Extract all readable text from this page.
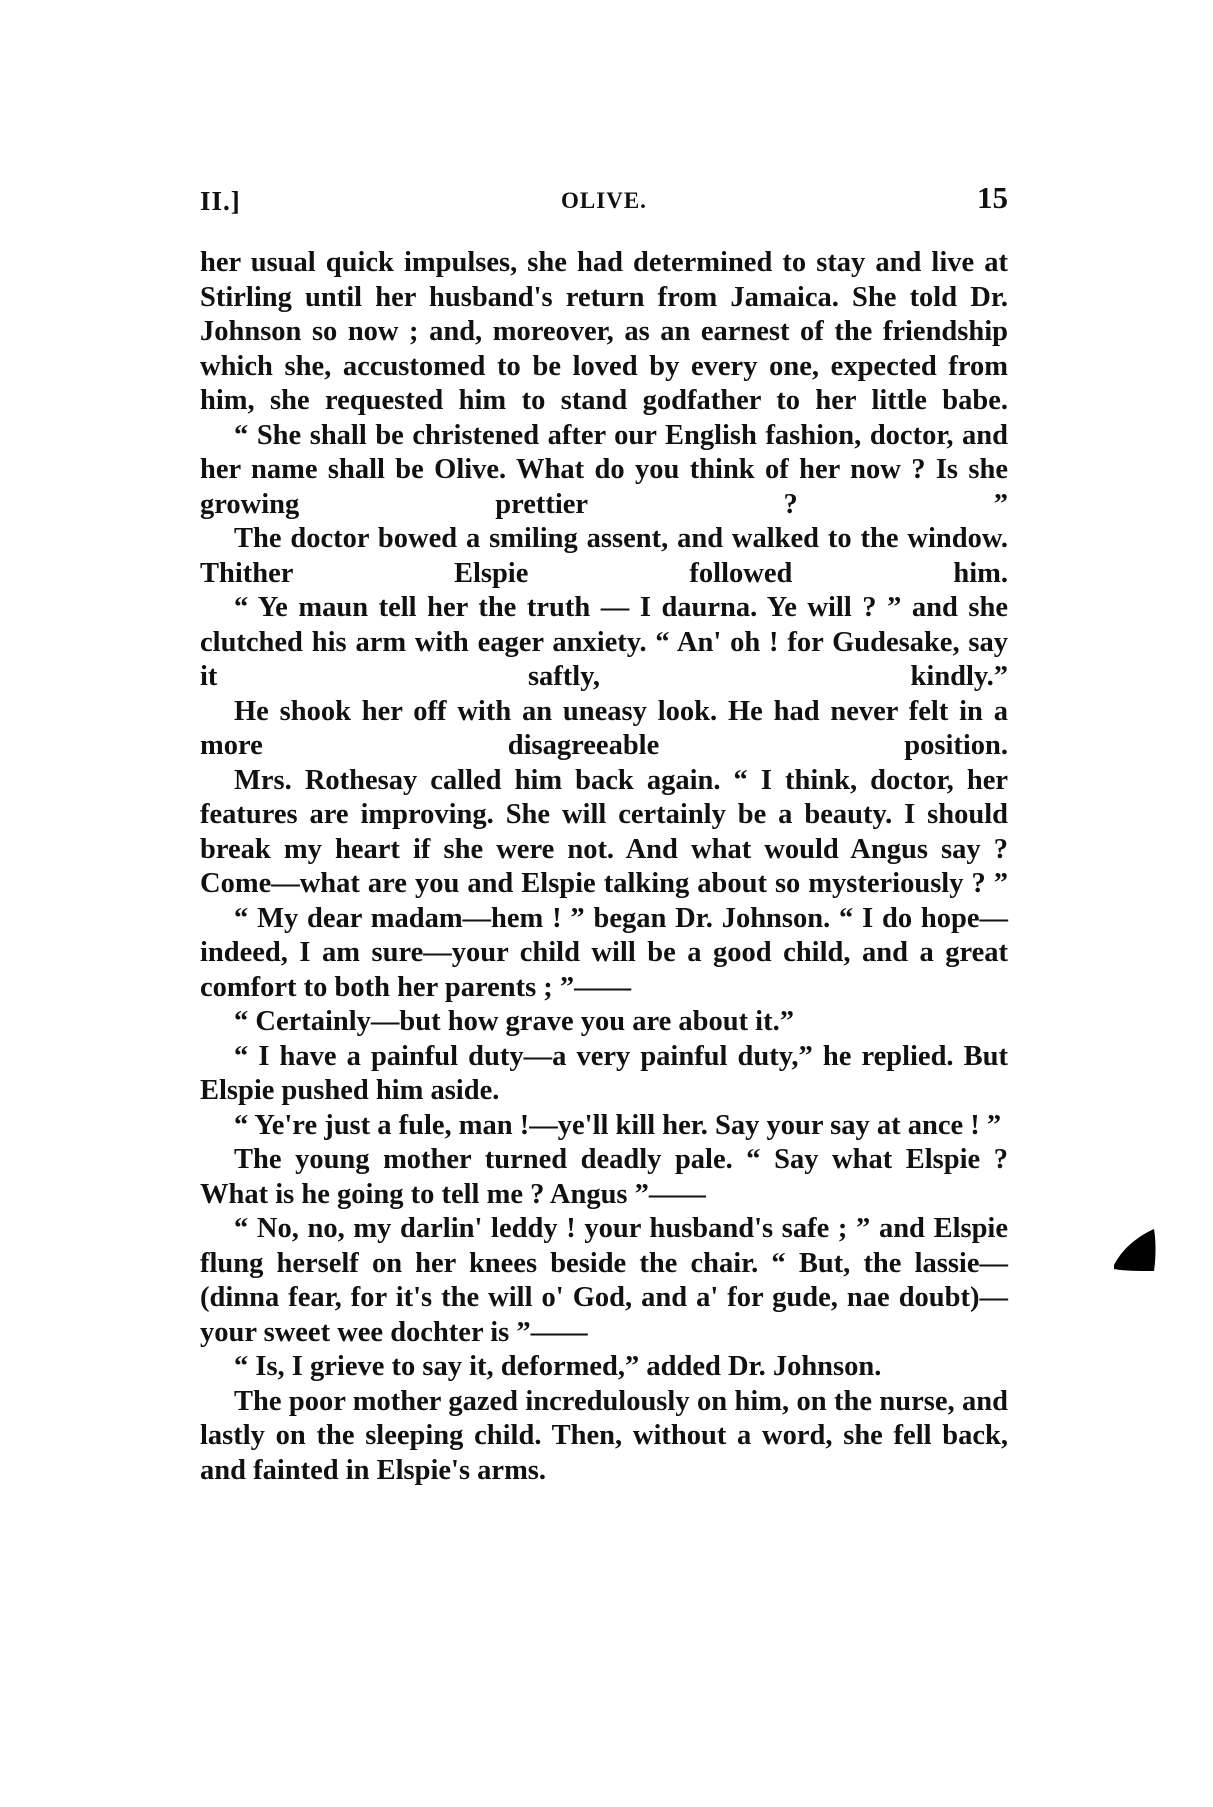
II.]	OLIVE.	15

her usual quick impulses, she had determined to stay and live at Stirling until her husband's return from Jamaica. She told Dr. Johnson so now ; and, moreover, as an earnest of the friendship which she, accustomed to be loved by every one, expected from him, she requested him to stand godfather to her little babe.

“ She shall be christened after our English fashion, doctor, and her name shall be Olive. What do you think of her now ? Is she growing prettier ? ”

The doctor bowed a smiling assent, and walked to the window. Thither Elspie followed him.

“ Ye maun tell her the truth — I daurna. Ye will ? ” and she clutched his arm with eager anxiety. “ An' oh ! for Gudesake, say it saftly, kindly.”

He shook her off with an uneasy look. He had never felt in a more disagreeable position.

Mrs. Rothesay called him back again. “ I think, doctor, her features are improving. She will certainly be a beauty. I should break my heart if she were not. And what would Angus say ? Come—what are you and Elspie talking about so mysteriously ? ”

“ My dear madam—hem ! ” began Dr. Johnson. “ I do hope—indeed, I am sure—your child will be a good child, and a great comfort to both her parents ; ”——

“ Certainly—but how grave you are about it.”

“ I have a painful duty—a very painful duty,” he replied. But Elspie pushed him aside.

“ Ye're just a fule, man !—ye'll kill her. Say your say at ance ! ”

The young mother turned deadly pale. “ Say what Elspie ? What is he going to tell me ? Angus ”——

“ No, no, my darlin' leddy ! your husband's safe ; ” and Elspie flung herself on her knees beside the chair. “ But, the lassie—(dinna fear, for it's the will o' God, and a' for gude, nae doubt)—your sweet wee dochter is ”——

“ Is, I grieve to say it, deformed,” added Dr. Johnson.

The poor mother gazed incredulously on him, on the nurse, and lastly on the sleeping child. Then, without a word, she fell back, and fainted in Elspie's arms.
